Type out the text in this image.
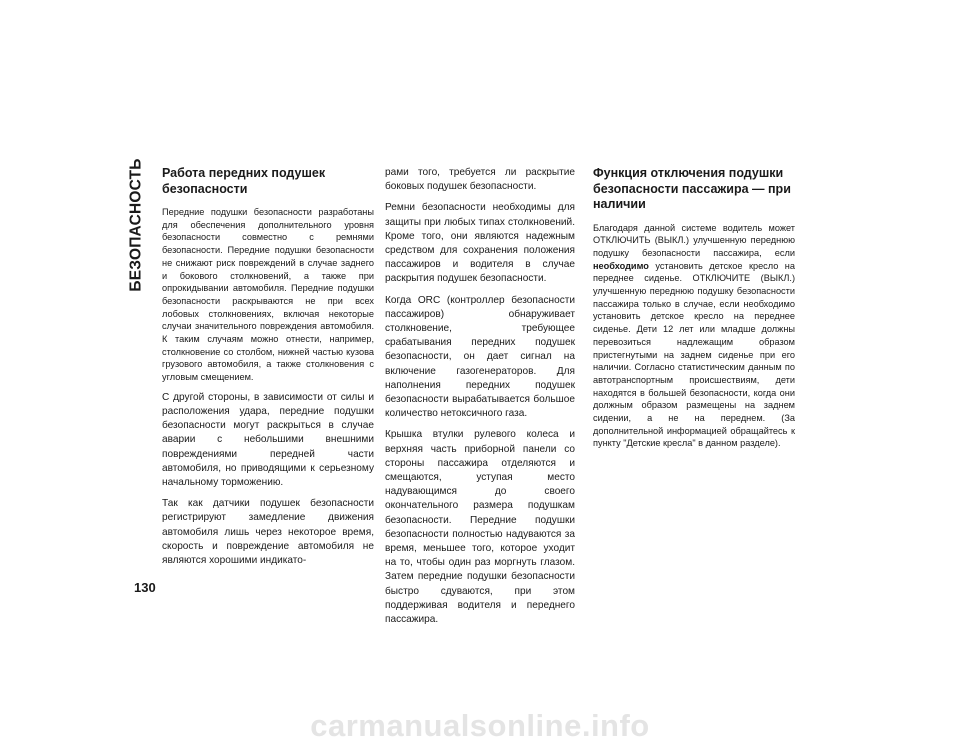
БЕЗОПАСНОСТЬ
130
Работа передних подушек безопасности

Передние подушки безопасности разработаны для обеспечения дополнительного уровня безопасности совместно с ремнями безопасности. Передние подушки безопасности не снижают риск повреждений в случае заднего и бокового столкновений, а также при опрокидывании автомобиля. Передние подушки безопасности раскрываются не при всех лобовых столкновениях, включая некоторые случаи значительного повреждения автомобиля. К таким случаям можно отнести, например, столкновение со столбом, нижней частью кузова грузового автомобиля, а также столкновения с угловым смещением.

С другой стороны, в зависимости от силы и расположения удара, передние подушки безопасности могут раскрыться в случае аварии с небольшими внешними повреждениями передней части автомобиля, но приводящими к серьезному начальному торможению.

Так как датчики подушек безопасности регистрируют замедление движения автомобиля лишь через некоторое время, скорость и повреждение автомобиля не являются хорошими индикато-

рами того, требуется ли раскрытие боковых подушек безопасности.

Ремни безопасности необходимы для защиты при любых типах столкновений. Кроме того, они являются надежным средством для сохранения положения пассажиров и водителя в случае раскрытия подушек безопасности.

Когда ORC (контроллер безопасности пассажиров) обнаруживает столкновение, требующее срабатывания передних подушек безопасности, он дает сигнал на включение газогенераторов. Для наполнения передних подушек безопасности вырабатывается большое количество нетоксичного газа.

Крышка втулки рулевого колеса и верхняя часть приборной панели со стороны пассажира отделяются и смещаются, уступая место надувающимся до своего окончательного размера подушкам безопасности. Передние подушки безопасности полностью надуваются за время, меньшее того, которое уходит на то, чтобы один раз моргнуть глазом. Затем передние подушки безопасности быстро сдуваются, при этом поддерживая водителя и переднего пассажира.

Функция отключения подушки безопасности пассажира — при наличии

Благодаря данной системе водитель может ОТКЛЮЧИТЬ (ВЫКЛ.) улучшенную переднюю подушку безопасности пассажира, если необходимо установить детское кресло на переднее сиденье. ОТКЛЮЧИТЕ (ВЫКЛ.) улучшенную переднюю подушку безопасности пассажира только в случае, если необходимо установить детское кресло на переднее сиденье. Дети 12 лет или младше должны перевозиться надлежащим образом пристегнутыми на заднем сиденье при его наличии. Согласно статистическим данным по автотранспортным происшествиям, дети находятся в большей безопасности, когда они должным образом размещены на заднем сидении, а не на переднем. (За дополнительной информацией обращайтесь к пункту "Детские кресла" в данном разделе).

carmanualsonline.info
